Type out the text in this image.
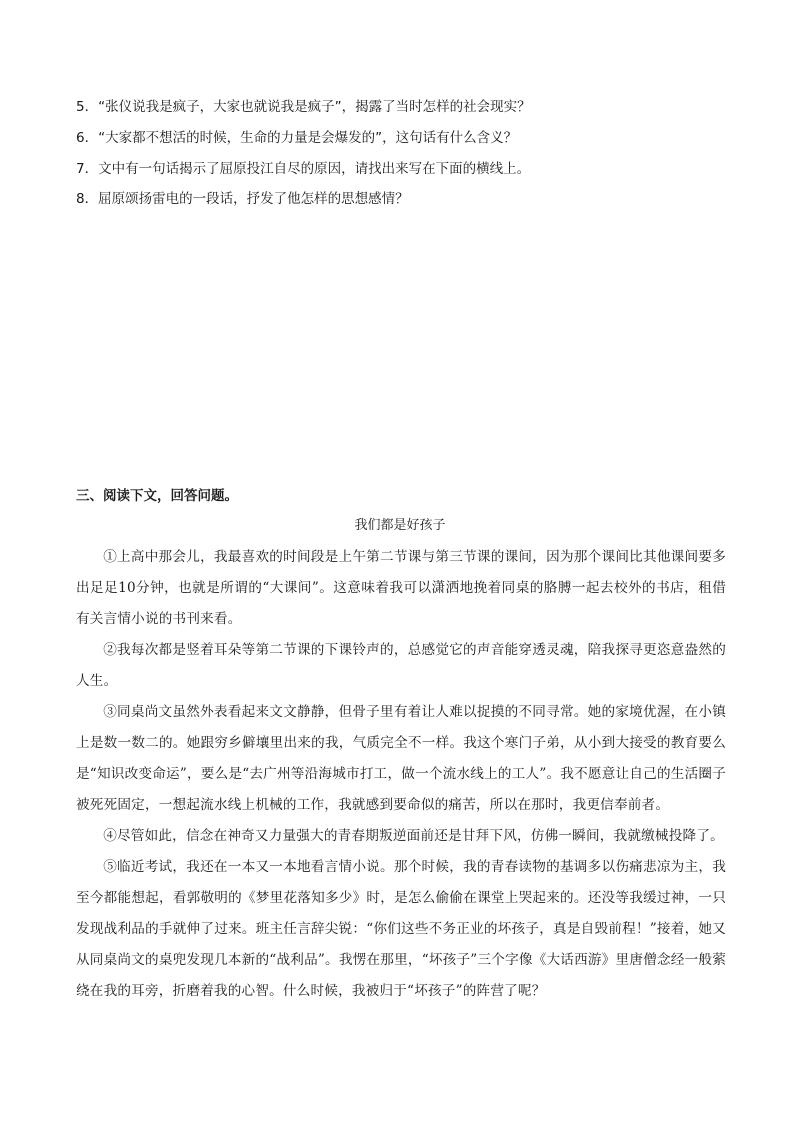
5．“张仪说我是疯子，大家也就说我是疯子”，揭露了当时怎样的社会现实？
6．“大家都不想活的时候，生命的力量是会爆发的”，这句话有什么含义？
7．文中有一句话揭示了屈原投江自尽的原因，请找出来写在下面的横线上。
8．屈原颂扬雷电的一段话，抒发了他怎样的思想感情？
三、阅读下文，回答问题。
我们都是好孩子

①上高中那会儿，我最喜欢的时间段是上午第二节课与第三节课的课间，因为那个课间比其他课间要多出足足10分钟，也就是所谓的“大课间”。这意味着我可以潇洒地挽着同桌的胳膊一起去校外的书店，租借有关言情小说的书刊来看。

②我每次都是竖着耳朵等第二节课的下课铃声的，总感觉它的声音能穿透灵魂，陪我探寻更恣意盎然的人生。

③同桌尚文虽然外表看起来文文静静，但骨子里有着让人难以捉摸的不同寻常。她的家境优渥，在小镇上是数一数二的。她跟穷乡僻壤里出来的我，气质完全不一样。我这个寒门子弟，从小到大接受的教育要么是“知识改变命运”，要么是“去广州等沿海城市打工，做一个流水线上的工人”。我不愿意让自己的生活圈子被死死固定，一想起流水线上机械的工作，我就感到要命似的痛苦，所以在那时，我更信奉前者。

④尽管如此，信念在神奇又力量强大的青春期叛逆面前还是甘拜下风，仿佛一瞬间，我就缴械投降了。

⑤临近考试，我还在一本又一本地看言情小说。那个时候，我的青春读物的基调多以伤痛悲凉为主，我至今都能想起，看郭敬明的《梦里花落知多少》时，是怎么偷偷在课堂上哭起来的。还没等我缓过神，一只发现战利品的手就伸了过来。班主任言辞尖锐：“你们这些不务正业的坏孩子，真是自毁前程！”接着，她又从同桌尚文的桌兜发现几本新的“战利品”。我愣在那里，“坏孩子”三个字像《大话西游》里唐僧念经一般萦绕在我的耳旁，折磨着我的心智。什么时候，我被归于“坏孩子”的阵营了呢？
